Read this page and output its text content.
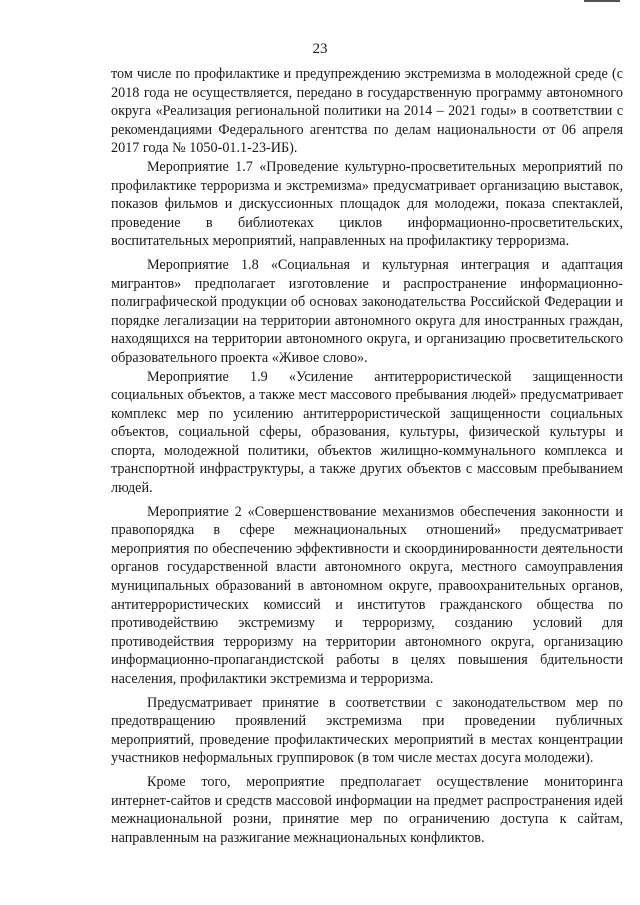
23

том числе по профилактике и предупреждению экстремизма в молодежной среде (с 2018 года не осуществляется, передано в государственную программу автономного округа «Реализация региональной политики на 2014 – 2021 годы» в соответствии с рекомендациями Федерального агентства по делам национальности от 06 апреля 2017 года № 1050-01.1-23-ИБ).

Мероприятие 1.7 «Проведение культурно-просветительных мероприятий по профилактике терроризма и экстремизма» предусматривает организацию выставок, показов фильмов и дискуссионных площадок для молодежи, показа спектаклей, проведение в библиотеках циклов информационно-просветительских, воспитательных мероприятий, направленных на профилактику терроризма.

Мероприятие 1.8 «Социальная и культурная интеграция и адаптация мигрантов» предполагает изготовление и распространение информационно-полиграфической продукции об основах законодательства Российской Федерации и порядке легализации на территории автономного округа для иностранных граждан, находящихся на территории автономного округа, и организацию просветительского образовательного проекта «Живое слово».

Мероприятие 1.9 «Усиление антитеррористической защищенности социальных объектов, а также мест массового пребывания людей» предусматривает комплекс мер по усилению антитеррористической защищенности социальных объектов, социальной сферы, образования, культуры, физической культуры и спорта, молодежной политики, объектов жилищно-коммунального комплекса и транспортной инфраструктуры, а также других объектов с массовым пребыванием людей.

Мероприятие 2 «Совершенствование механизмов обеспечения законности и правопорядка в сфере межнациональных отношений» предусматривает мероприятия по обеспечению эффективности и скоординированности деятельности органов государственной власти автономного округа, местного самоуправления муниципальных образований в автономном округе, правоохранительных органов, антитеррористических комиссий и институтов гражданского общества по противодействию экстремизму и терроризму, созданию условий для противодействия терроризму на территории автономного округа, организацию информационно-пропагандистской работы в целях повышения бдительности населения, профилактики экстремизма и терроризма.

Предусматривает принятие в соответствии с законодательством мер по предотвращению проявлений экстремизма при проведении публичных мероприятий, проведение профилактических мероприятий в местах концентрации участников неформальных группировок (в том числе местах досуга молодежи).

Кроме того, мероприятие предполагает осуществление мониторинга интернет-сайтов и средств массовой информации на предмет распространения идей межнациональной розни, принятие мер по ограничению доступа к сайтам, направленным на разжигание межнациональных конфликтов.
